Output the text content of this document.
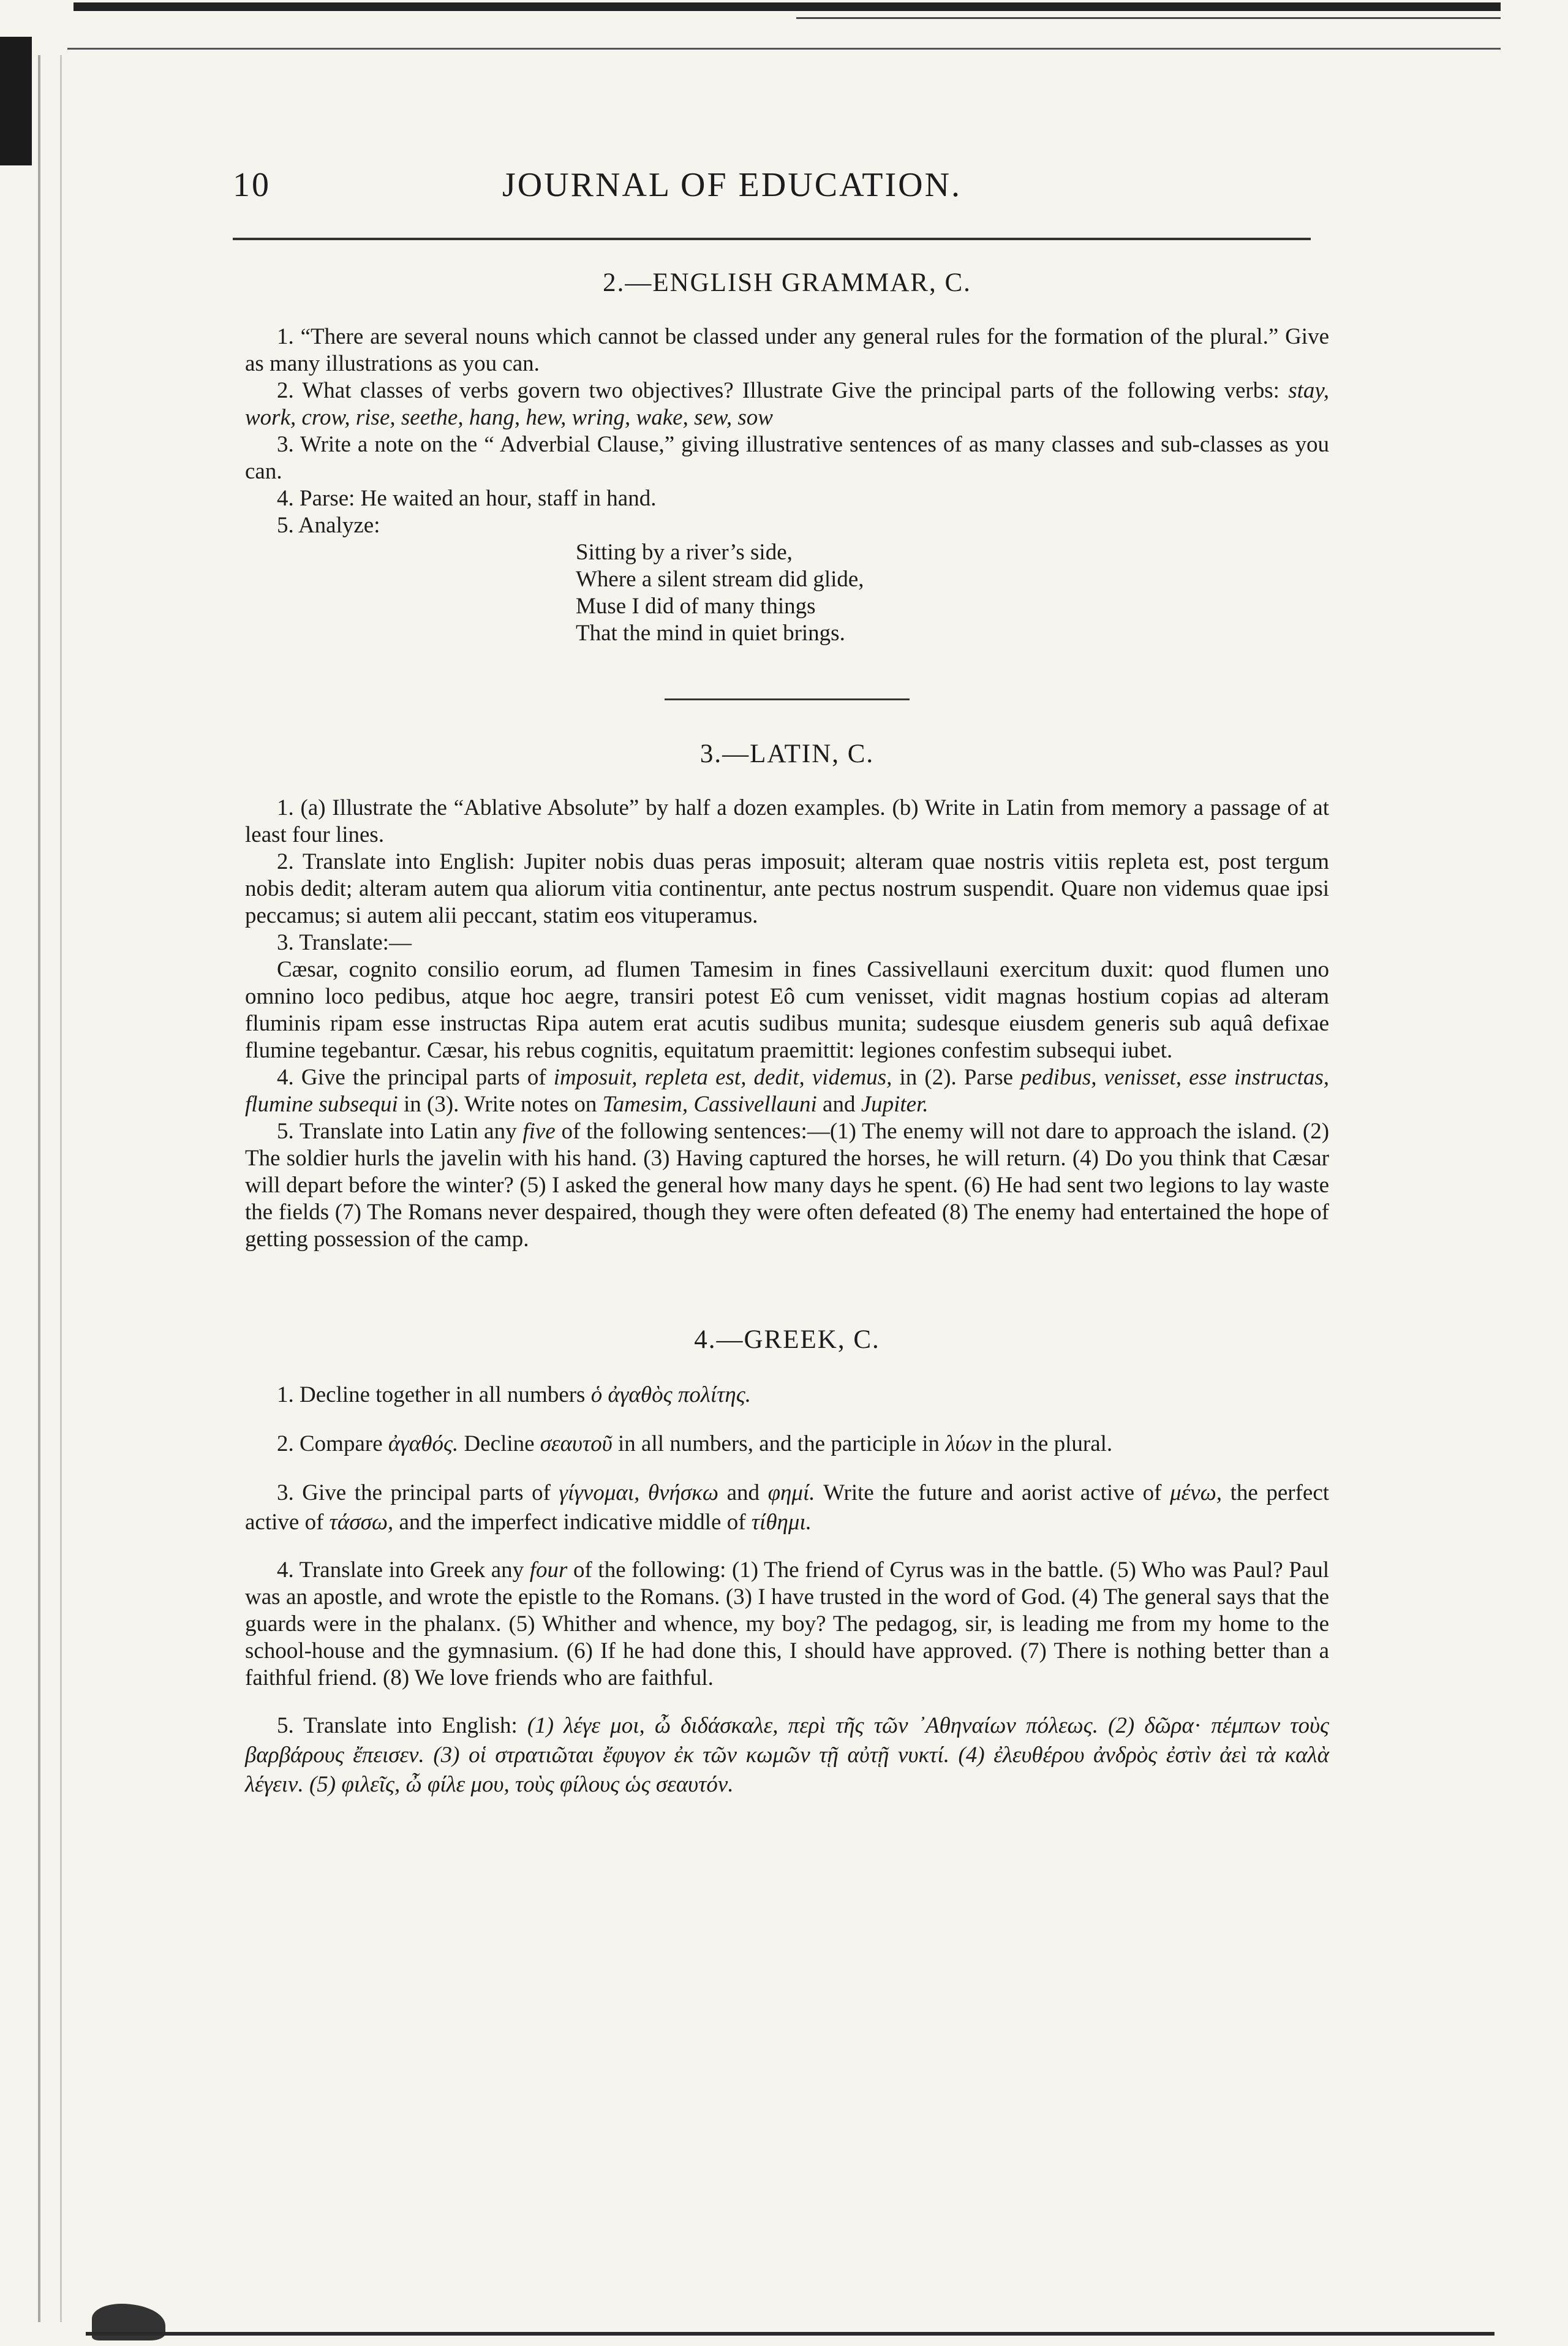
10	JOURNAL OF EDUCATION.
2.—ENGLISH GRAMMAR, C.

1. “There are several nouns which cannot be classed under any general rules for the formation of the plural.” Give as many illustrations as you can.

2. What classes of verbs govern two objectives? Illustrate Give the principal parts of the following verbs: stay, work, crow, rise, seethe, hang, hew, wring, wake, sew, sow

3. Write a note on the “ Adverbial Clause,” giving illustrative sentences of as many classes and sub-classes as you can.

4. Parse: He waited an hour, staff in hand.

5. Analyze:

Sitting by a river’s side,
Where a silent stream did glide,
Muse I did of many things
That the mind in quiet brings.
3.—LATIN, C.

1. (a) Illustrate the “Ablative Absolute” by half a dozen examples. (b) Write in Latin from memory a passage of at least four lines.

2. Translate into English: Jupiter nobis duas peras imposuit; alteram quae nostris vitiis repleta est, post tergum nobis dedit; alteram autem qua aliorum vitia continentur, ante pectus nostrum suspendit. Quare non videmus quae ipsi peccamus; si autem alii peccant, statim eos vituperamus.

3. Translate:—

Cæsar, cognito consilio eorum, ad flumen Tamesim in fines Cassivellauni exercitum duxit: quod flumen uno omnino loco pedibus, atque hoc aegre, transiri potest Eô cum venisset, vidit magnas hostium copias ad alteram fluminis ripam esse instructas Ripa autem erat acutis sudibus munita; sudesque eiusdem generis sub aquâ defixae flumine tegebantur. Cæsar, his rebus cognitis, equitatum praemittit: legiones confestim subsequi iubet.

4. Give the principal parts of imposuit, repleta est, dedit, videmus, in (2). Parse pedibus, venisset, esse instructas, flumine subsequi in (3). Write notes on Tamesim, Cassivellauni and Jupiter.

5. Translate into Latin any five of the following sentences:—(1) The enemy will not dare to approach the island. (2) The soldier hurls the javelin with his hand. (3) Having captured the horses, he will return. (4) Do you think that Cæsar will depart before the winter? (5) I asked the general how many days he spent. (6) He had sent two legions to lay waste the fields (7) The Romans never despaired, though they were often defeated (8) The enemy had entertained the hope of getting possession of the camp.

4.—GREEK, C.

1. Decline together in all numbers ὁ ἀγαθὸς πολίτης.

2. Compare ἀγαθός. Decline σεαυτοῦ in all numbers, and the participle in λύων in the plural.

3. Give the principal parts of γίγνομαι, θνήσκω and φημί. Write the future and aorist active of μένω, the perfect active of τάσσω, and the imperfect indicative middle of τίθημι.

4. Translate into Greek any four of the following: (1) The friend of Cyrus was in the battle. (5) Who was Paul? Paul was an apostle, and wrote the epistle to the Romans. (3) I have trusted in the word of God. (4) The general says that the guards were in the phalanx. (5) Whither and whence, my boy? The pedagog, sir, is leading me from my home to the school-house and the gymnasium. (6) If he had done this, I should have approved. (7) There is nothing better than a faithful friend. (8) We love friends who are faithful.

5. Translate into English: (1) λέγε μοι, ὦ διδάσκαλε, περὶ τῆς τῶν ᾿Αθηναίων πόλεως. (2) δῶρα· πέμπων τοὺς βαρβάρους ἔπεισεν. (3) οἱ στρατιῶται ἔφυγον ἐκ τῶν κωμῶν τῇ αὐτῇ νυκτί. (4) ἐλευθέρου ἀνδρὸς ἐστὶν ἀεὶ τὰ καλὰ λέγειν. (5) φιλεῖς, ὦ φίλε μου, τοὺς φίλους ὡς σεαυτόν.
